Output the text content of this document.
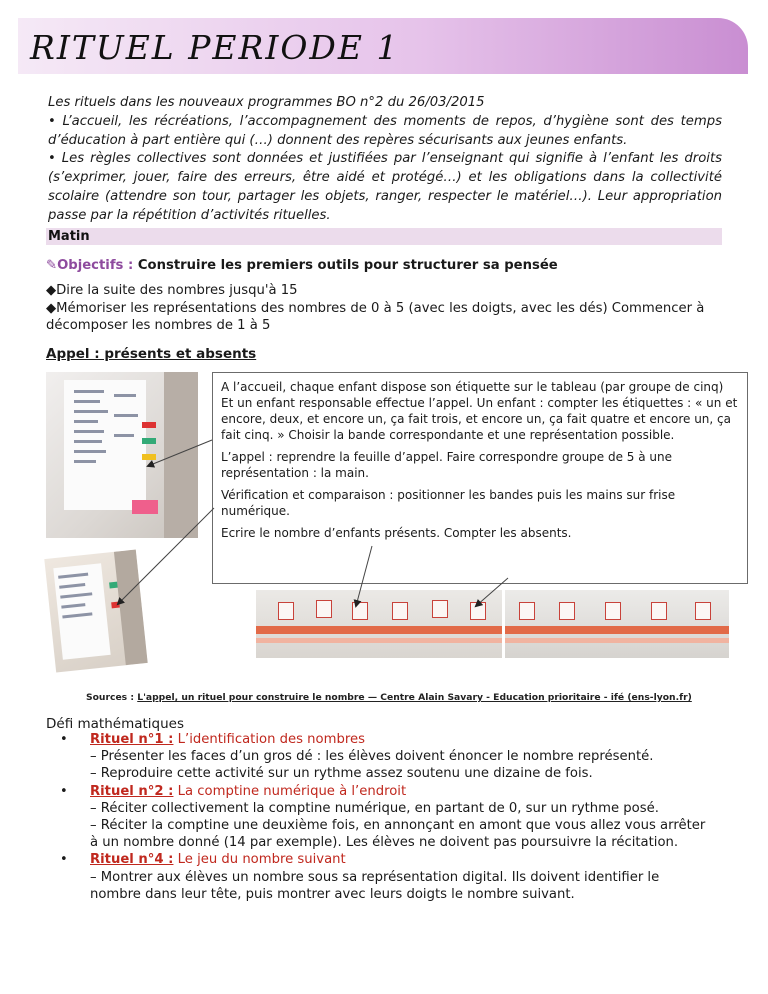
RITUEL PERIODE 1

Les rituels dans les nouveaux programmes BO n°2 du 26/03/2015

• L’accueil, les récréations, l’accompagnement des moments de repos, d’hygiène sont des temps d’éducation à part entière qui (…) donnent des repères sécurisants aux jeunes enfants.

• Les règles collectives sont données et justifiées par l’enseignant qui signifie à l’enfant les droits (s’exprimer, jouer, faire des erreurs, être aidé et protégé…) et les obligations dans la collectivité scolaire (attendre son tour, partager les objets, ranger, respecter le matériel…). Leur appropriation passe par la répétition d’activités rituelles.

Matin
✎Objectifs : Construire les premiers outils pour structurer sa pensée

◆Dire la suite des nombres jusqu'à 15

◆Mémoriser les représentations des nombres de 0 à 5 (avec les doigts, avec les dés) Commencer à décomposer les nombres de 1 à 5

Appel : présents et absents

A l’accueil, chaque enfant dispose son étiquette sur le tableau (par groupe de cinq) Et un enfant responsable effectue l’appel. Un enfant : compter les étiquettes : « un et encore, deux, et encore un, ça fait trois, et encore un, ça fait quatre et encore un, ça fait cinq. » Choisir la bande correspondante et une représentation possible.

L’appel : reprendre la feuille d’appel. Faire correspondre groupe de 5 à une représentation : la main.

Vérification et comparaison : positionner les bandes puis les mains sur frise numérique.

Ecrire le nombre d’enfants présents. Compter les absents.

Sources : L'appel, un rituel pour construire le nombre — Centre Alain Savary - Education prioritaire - ifé (ens-lyon.fr)
Défi mathématiques
• Rituel n°1 : L’identification des nombres

– Présenter les faces d’un gros dé : les élèves doivent énoncer le nombre représenté.

– Reproduire cette activité sur un rythme assez soutenu une dizaine de fois.

• Rituel n°2 : La comptine numérique à l’endroit

– Réciter collectivement la comptine numérique, en partant de 0, sur un rythme posé.

– Réciter la comptine une deuxième fois, en annonçant en amont que vous allez vous arrêter à un nombre donné (14 par exemple). Les élèves ne doivent pas poursuivre la récitation.

• Rituel n°4 : Le jeu du nombre suivant

– Montrer aux élèves un nombre sous sa représentation digital. Ils doivent identifier le nombre dans leur tête, puis montrer avec leurs doigts le nombre suivant.
